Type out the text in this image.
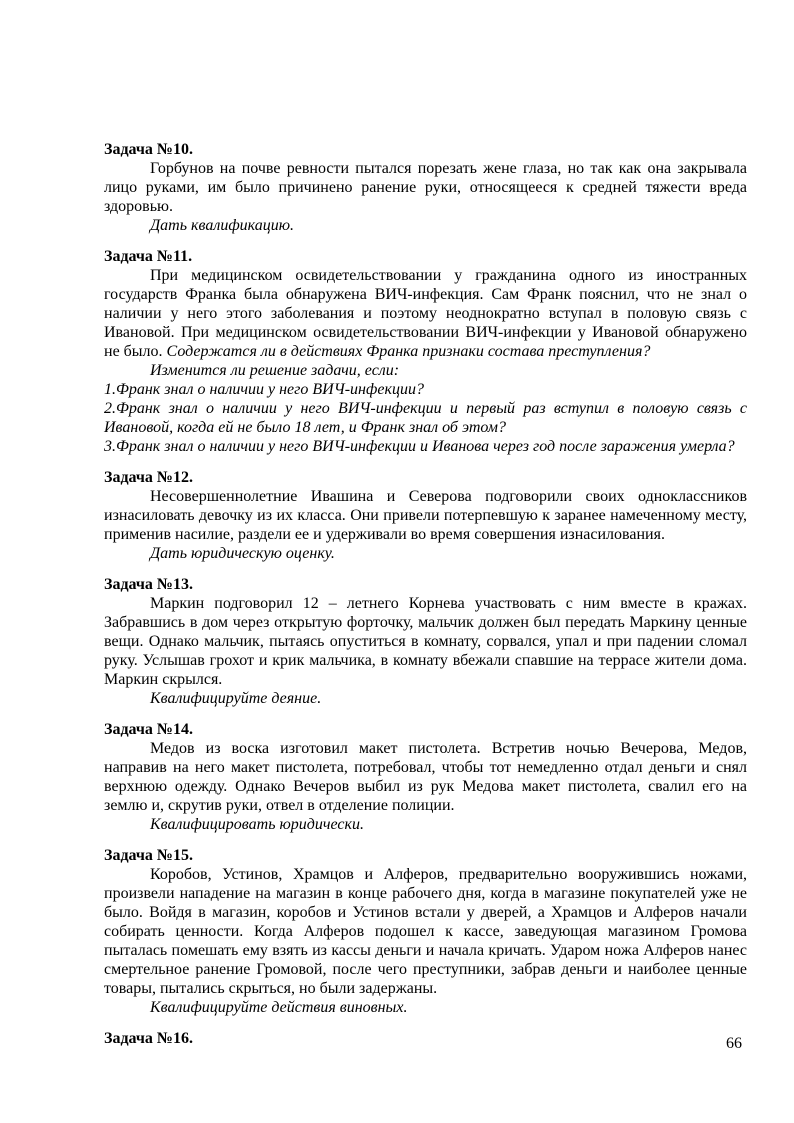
Задача №10.

Горбунов на почве ревности пытался порезать жене глаза, но так как она закрывала лицо руками, им было причинено ранение руки, относящееся к средней тяжести вреда здоровью.

Дать квалификацию.

Задача №11.

При медицинском освидетельствовании у гражданина одного из иностранных государств Франка была обнаружена ВИЧ-инфекция. Сам Франк пояснил, что не знал о наличии у него этого заболевания и поэтому неоднократно вступал в половую связь с Ивановой. При медицинском освидетельствовании ВИЧ-инфекции у Ивановой обнаружено не было. Содержатся ли в действиях Франка признаки состава преступления?

Изменится ли решение задачи, если:

1.Франк знал о наличии у него ВИЧ-инфекции?

2.Франк знал о наличии у него ВИЧ-инфекции и первый раз вступил в половую связь с Ивановой, когда ей не было 18 лет, и Франк знал об этом?

3.Франк знал о наличии у него ВИЧ-инфекции и Иванова через год после заражения умерла?

Задача №12.

Несовершеннолетние Ивашина и Северова подговорили своих одноклассников изнасиловать девочку из их класса. Они привели потерпевшую к заранее намеченному месту, применив насилие, раздели ее и удерживали во время совершения изнасилования.

Дать юридическую оценку.

Задача №13.

Маркин подговорил 12 – летнего Корнева участвовать с ним вместе в кражах. Забравшись в дом через открытую форточку, мальчик должен был передать Маркину ценные вещи. Однако мальчик, пытаясь опуститься в комнату, сорвался, упал и при падении сломал руку. Услышав грохот и крик мальчика, в комнату вбежали спавшие на террасе жители дома. Маркин скрылся.

Квалифицируйте деяние.

Задача №14.

Медов из воска изготовил макет пистолета. Встретив ночью Вечерова, Медов, направив на него макет пистолета, потребовал, чтобы тот немедленно отдал деньги и снял верхнюю одежду. Однако Вечеров выбил из рук Медова макет пистолета, свалил его на землю и, скрутив руки, отвел в отделение полиции.

Квалифицировать юридически.

Задача №15.

Коробов, Устинов, Храмцов и Алферов, предварительно вооружившись ножами, произвели нападение на магазин в конце рабочего дня, когда в магазине покупателей уже не было. Войдя в магазин, коробов и Устинов встали у дверей, а Храмцов и Алферов начали собирать ценности. Когда Алферов подошел к кассе, заведующая магазином Громова пыталась помешать ему взять из кассы деньги и начала кричать. Ударом ножа Алферов нанес смертельное ранение Громовой, после чего преступники, забрав деньги и наиболее ценные товары, пытались скрыться, но были задержаны.

Квалифицируйте действия виновных.

Задача №16.	66
